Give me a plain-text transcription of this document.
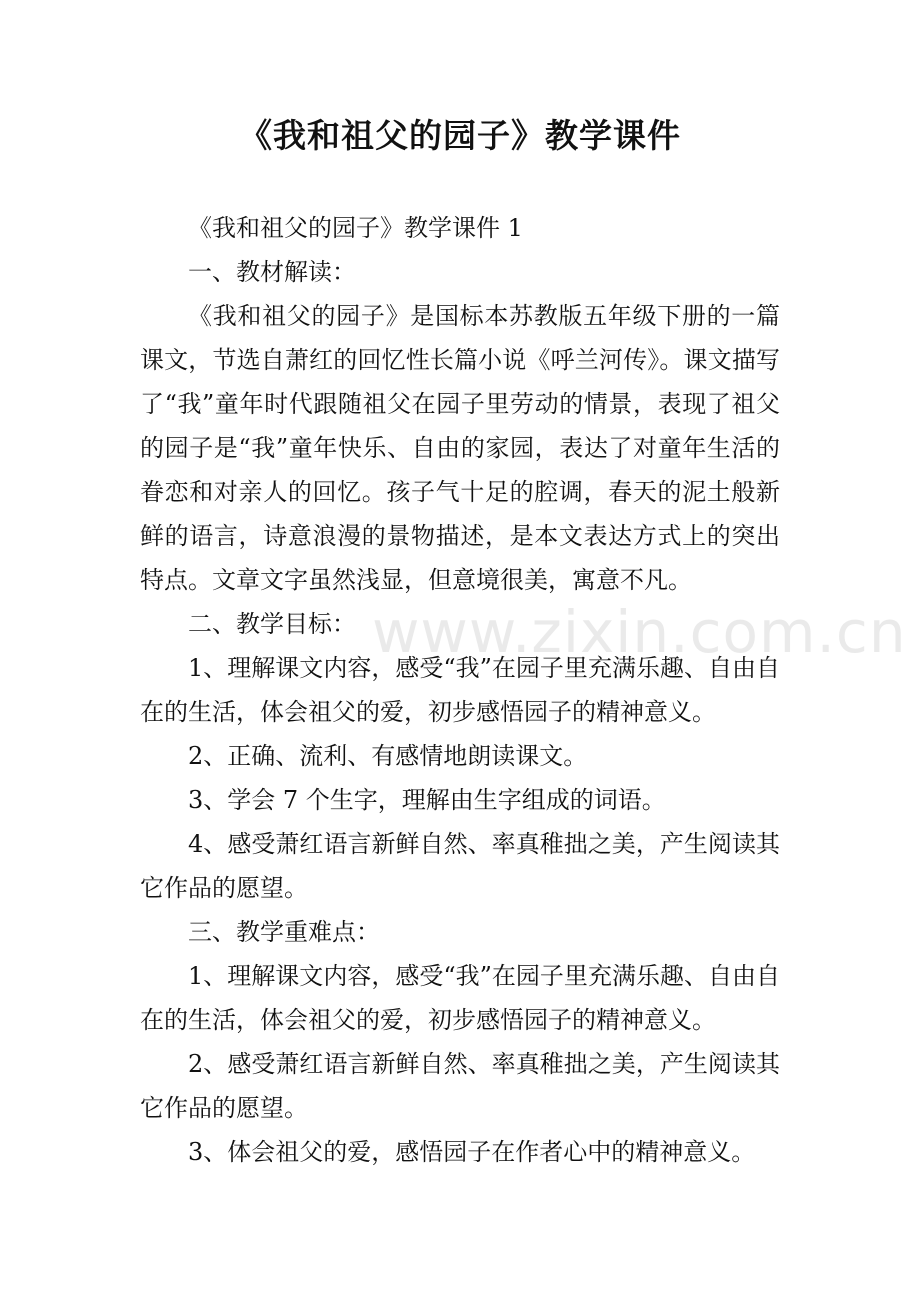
《我和祖父的园子》教学课件

《我和祖父的园子》教学课件 1

一、教材解读：

《我和祖父的园子》是国标本苏教版五年级下册的一篇课文，节选自萧红的回忆性长篇小说《呼兰河传》。课文描写了“我”童年时代跟随祖父在园子里劳动的情景，表现了祖父的园子是“我”童年快乐、自由的家园，表达了对童年生活的眷恋和对亲人的回忆。孩子气十足的腔调，春天的泥土般新鲜的语言，诗意浪漫的景物描述，是本文表达方式上的突出特点。文章文字虽然浅显，但意境很美，寓意不凡。

二、教学目标：

1、理解课文内容，感受“我”在园子里充满乐趣、自由自在的生活，体会祖父的爱，初步感悟园子的精神意义。

2、正确、流利、有感情地朗读课文。

3、学会 7 个生字，理解由生字组成的词语。

4、感受萧红语言新鲜自然、率真稚拙之美，产生阅读其它作品的愿望。

三、教学重难点：

1、理解课文内容，感受“我”在园子里充满乐趣、自由自在的生活，体会祖父的爱，初步感悟园子的精神意义。

2、感受萧红语言新鲜自然、率真稚拙之美，产生阅读其它作品的愿望。

3、体会祖父的爱，感悟园子在作者心中的精神意义。

www.zixin.com.cn
